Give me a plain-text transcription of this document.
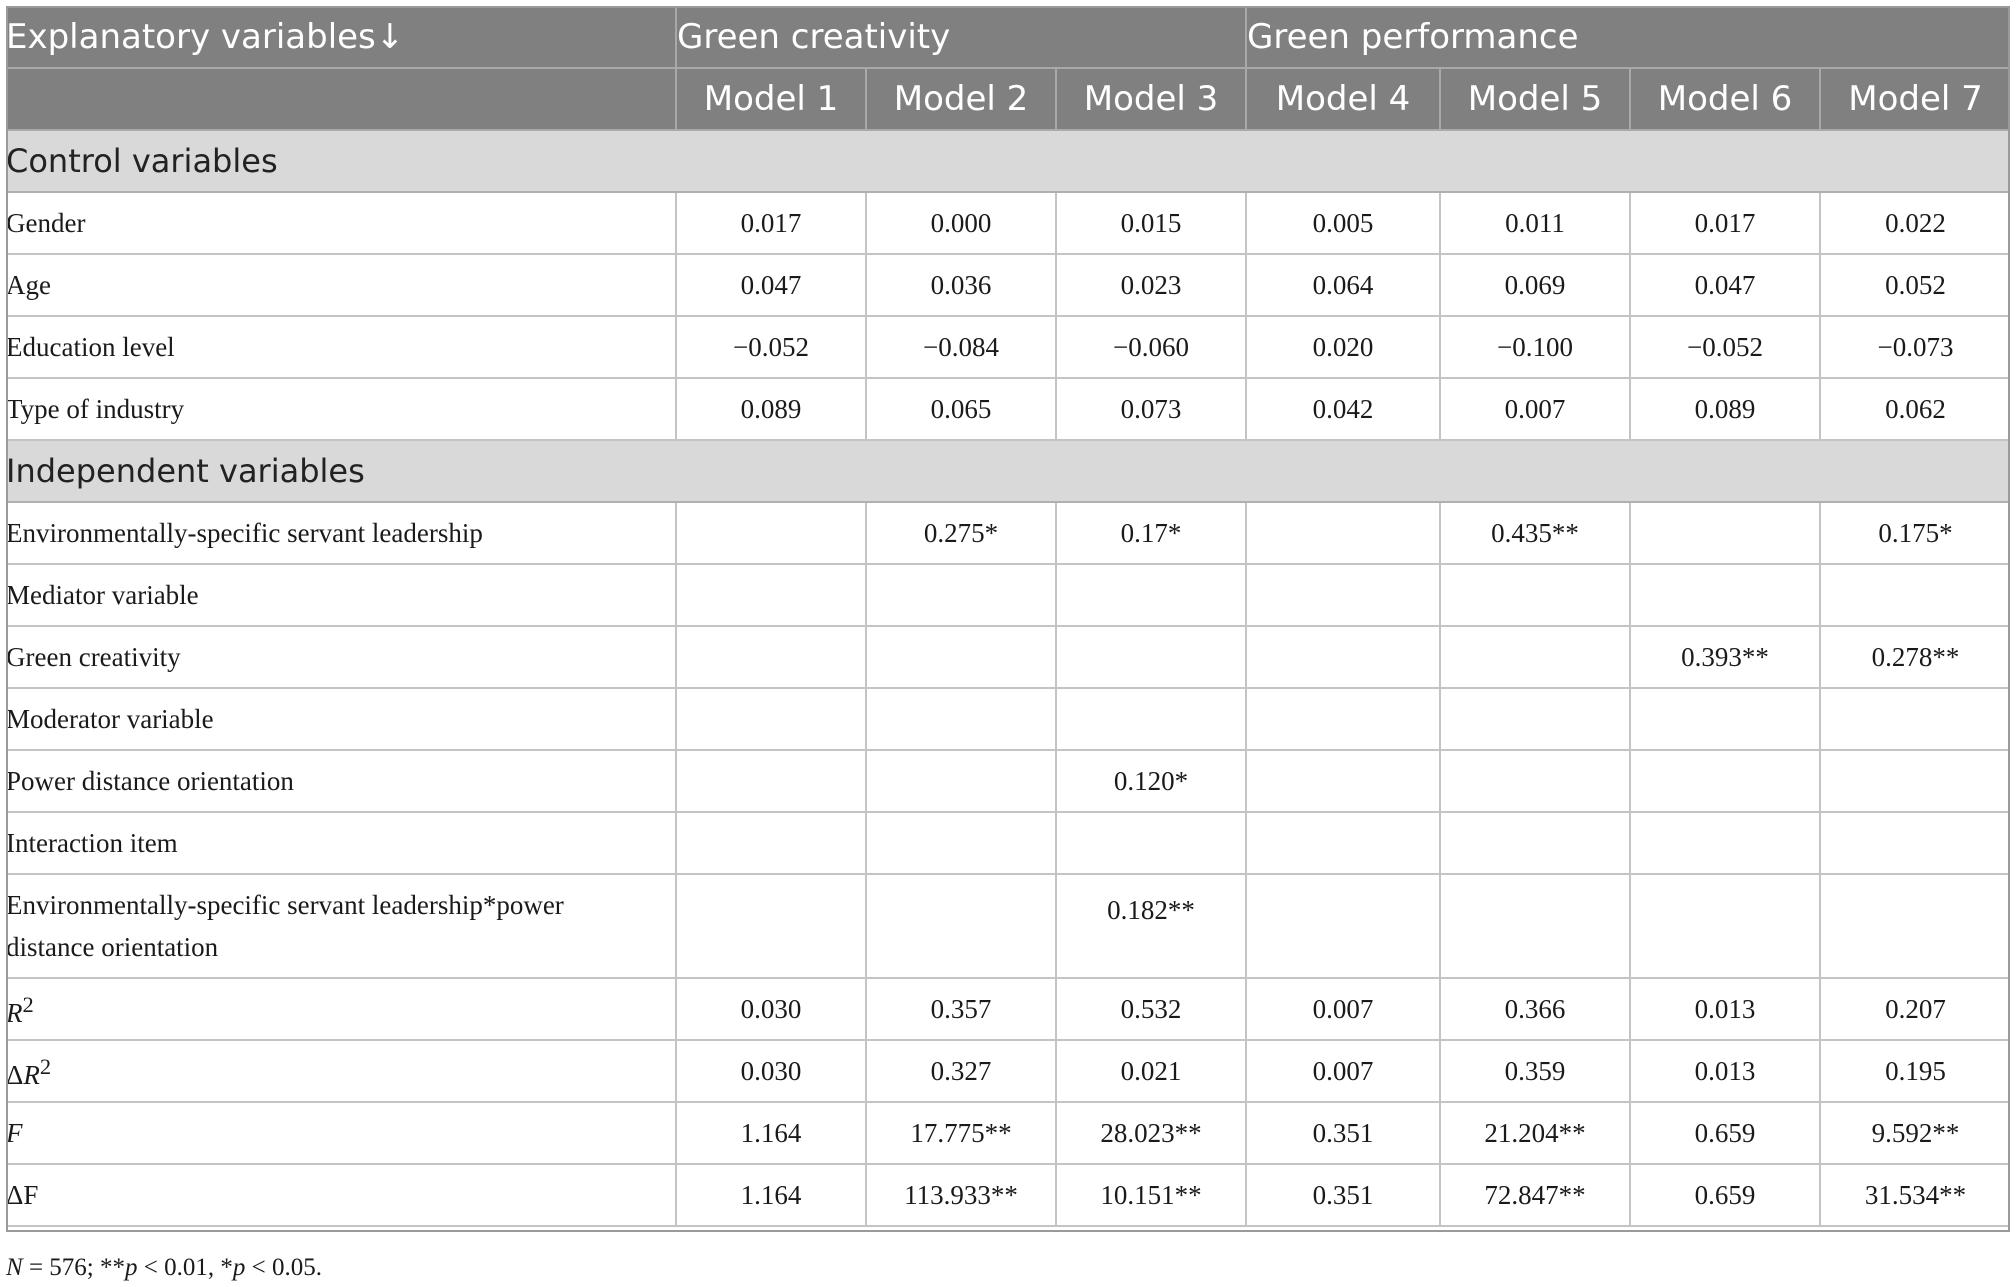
Explanatory variables↓	Green creativity			Green performance			
	Model 1	Model 2	Model 3	Model 4	Model 5	Model 6	Model 7
Control variables							
Gender	0.017	0.000	0.015	0.005	0.011	0.017	0.022
Age	0.047	0.036	0.023	0.064	0.069	0.047	0.052
Education level	−0.052	−0.084	−0.060	0.020	−0.100	−0.052	−0.073
Type of industry	0.089	0.065	0.073	0.042	0.007	0.089	0.062
Independent variables							
Environmentally-specific servant leadership		0.275*	0.17*		0.435**		0.175*
Mediator variable							
Green creativity						0.393**	0.278**
Moderator variable							
Power distance orientation			0.120*				
Interaction item							
Environmentally-specific servant leadership*power
distance orientation			0.182**				
$R^2$	0.030	0.357	0.532	0.007	0.366	0.013	0.207
$\Delta R^2$	0.030	0.327	0.021	0.007	0.359	0.013	0.195
F	1.164	17.775**	28.023**	0.351	21.204**	0.659	9.592**
ΔF	1.164	113.933**	10.151**	0.351	72.847**	0.659	31.534**
N = 576; **p < 0.01, *p < 0.05.
